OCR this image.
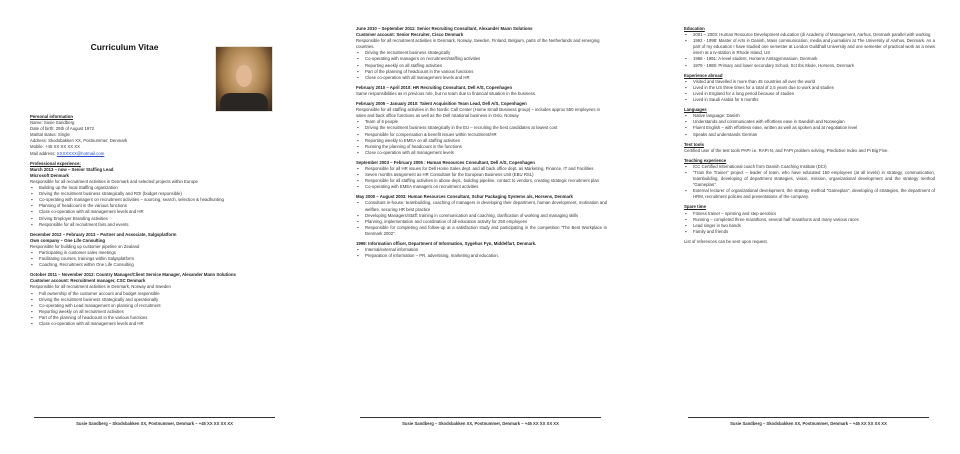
Curriculum Vitae
Personal information
Name: Susie Sandberg
Date of birth: 29th of August 1972
Marital status: Single
Address: Skodsbakken XX, Postnummer, Denmark
Mobile: +45 XX XX XX XX
Mail address: XXXXXXX@hotmail.com
Professional experience:
March 2013 – now – Senior Staffing Lead
Microsoft Denmark
Responsible for all recruitment activities in Denmark and selected projects within Europe
▪ Building up the local Staffing organization
▪ Driving the recruitment business strategically and ROI (budget responsible)
▪ Co-operating with managers on recruitment activities – sourcing, search, selection & headhunting
▪ Planning of headcount in the various functions
▪ Close co-operation with all management levels and HR
▪ Driving Employer Branding activities
▪ Responsible for all recruitment fairs and events
December 2012 – February 2013 – Partner and Associate, Salgsplatform
Own company – One Life Consulting
Responsible for building up customer pipeline on Zealand
▪ Participating in customer sales meetings
▪ Facilitating courses, trainings within Salgsplatform
▪ Coaching, Recruitment within One Life Consulting
October 2011 – November 2012: Country Manager/Client Service Manager, Alexander Mann Solutions
Customer account: Recruitment manager, CSC Denmark
Responsible for all recruitment activities in Denmark, Norway and Sweden
▪ Full ownership of the customer account and budget responsible
▪ Driving the recruitment business strategically and operationally
▪ Co-operating with Lead management on planning of recruitment
▪ Reporting weekly on all recruitment activities
▪ Part of the planning of headcount in the various functions
▪ Close co-operation with all management levels and HR
Susie Sandberg – Skodsbakken XX, Postnummer, Denmark – +45 XX XX XX XX
June 2010 – September 2011: Senior Recruiting Consultant, Alexander Mann Solutions
Customer account: Senior Recruiter, Cisco Denmark
Responsible for all recruitment activities in Denmark, Norway, Sweden, Finland, Belgium, parts of the Netherlands and emerging countries.
▪ Driving the recruitment business strategically
▪ Co-operating with managers on recruitment/staffing activities
▪ Reporting weekly on all staffing activities
▪ Part of the planning of headcount in the various functions
▪ Close co-operation with all management levels and HR
February 2010 – April 2010: HR Recruiting Consultant, Dell A/S, Copenhagen
Same responsibilities as in previous role, but no team due to financial situation in the business.
February 2005 – January 2010: Talent Acquisition Team Lead, Dell A/S, Copenhagen
Responsible for all staffing activities in the Nordic Call Center (Home Small Business group) – includes approx 550 employees in sales and back office functions as well as the Dell rotational business in Oslo, Norway
▪ Team of 6 people
▪ Driving the recruitment business strategically in the EU – recruiting the best candidates at lowest cost
▪ Responsible for compensation & benefit issues within recruitment/HR
▪ Reporting weekly to EMEA on all staffing activities
▪ Running the planning of headcount in the functions
▪ Close co-operation with all management levels
September 2003 – February 2005 : Human Resources Consultant, Dell A/S, Copenhagen
▪ Responsible for all HR issues for Dell Home Sales dept. and all back office dept. as Marketing, Finance, IT and Facilities
▪ Seven months assignment as HR Consultant for the European Business Unit (EBU RSL)
▪ Responsible for all staffing activities in above dept., building pipeline, contact to vendors, creating strategic recruitment plan
▪ Co-operating with EMEA managers on recruitment activities
May 2000 – August 2003: Human Resources Consultant, Schur Packaging Systems a/s, Horsens, Denmark
▪ Consultant in-house: teambuilding, coaching of managers in developing their department, human development, motivation and welfare, securing HR best practice
▪ Developing Managers/Staff: training in communication and coaching, clarification of working and managing skills
▪ Planning, implementation and coordination of all education activity for 250 employees
▪ Responsible for completing and follow-up at a satisfaction study and participating in the competition “The Best Workplace in Denmark 2002”.
1999: Information officer, Department of Information, Sygehus Fyn, Middelfart, Denmark.
▪ Internal/external information
▪ Preparation of information – PR, advertising, marketing and education.
Susie Sandberg – Skodsbakken XX, Postnummer, Denmark – +45 XX XX XX XX
Education
▪ 2001 – 2003: Human Resource Development education (di Academy of Management, Aarhus, Denmark parallel with working
▪ 1992 - 1998: Master of Arts in Danish, Mass communication, media and journalism at The University of Aarhus, Denmark. As a part of my education I have studied one semester at London Guildhall University and one semester of practical work as a news intern at a tv-station in Rhode Island, US
▪ 1988 - 1991: A-level student, Horsens Amtsgymnasium, Denmark
▪ 1979 - 1988: Primary and lower secondary School, Sct Ibs Skole, Horsens, Denmark
Experience abroad
▪ Visited and travelled in more than 45 countries all over the world
▪ Lived in the US three times for a total of 2,5 years due to work and studies
▪ Lived in England for a long period because of studies
▪ Lived in Saudi Arabia for 6 months
Languages
▪ Native language: Danish
▪ Understands and communicates with effortless ease in Swedish and Norwegian
▪ Fluent English – with effortless ease, written as well as spoken and at negotiation level
▪ Speaks and understands German
Test tools
Certified user of the test tools PAPI i.e. RAPI N, and FAPI problem solving, Predictive Index and Pi Big Five.
Teaching experience
▪ ICC Certified International coach from Danish Coaching Institute (DCI)
▪ “Train the Trainer” project – leader of team, who have educated 150 employees (at all levels) in strategy, communication, teambuilding, developing of department strategies, vision, mission, organizational development and the strategy method “Gameplan”.
▪ External lecturer of organizational development, the strategy method “Gameplan”, developing of strategies, the department of HRM, recruitment policies and presentations of the company.
Spare time
▪ Fitness trainer – spinning and step aerobics
▪ Running – completed three marathons, several half marathons and many various races
▪ Lead singer in two bands
▪ Family and friends
List of references can be sent upon request.
Susie Sandberg – Skodsbakken XX, Postnummer, Denmark – +45 XX XX XX XX
